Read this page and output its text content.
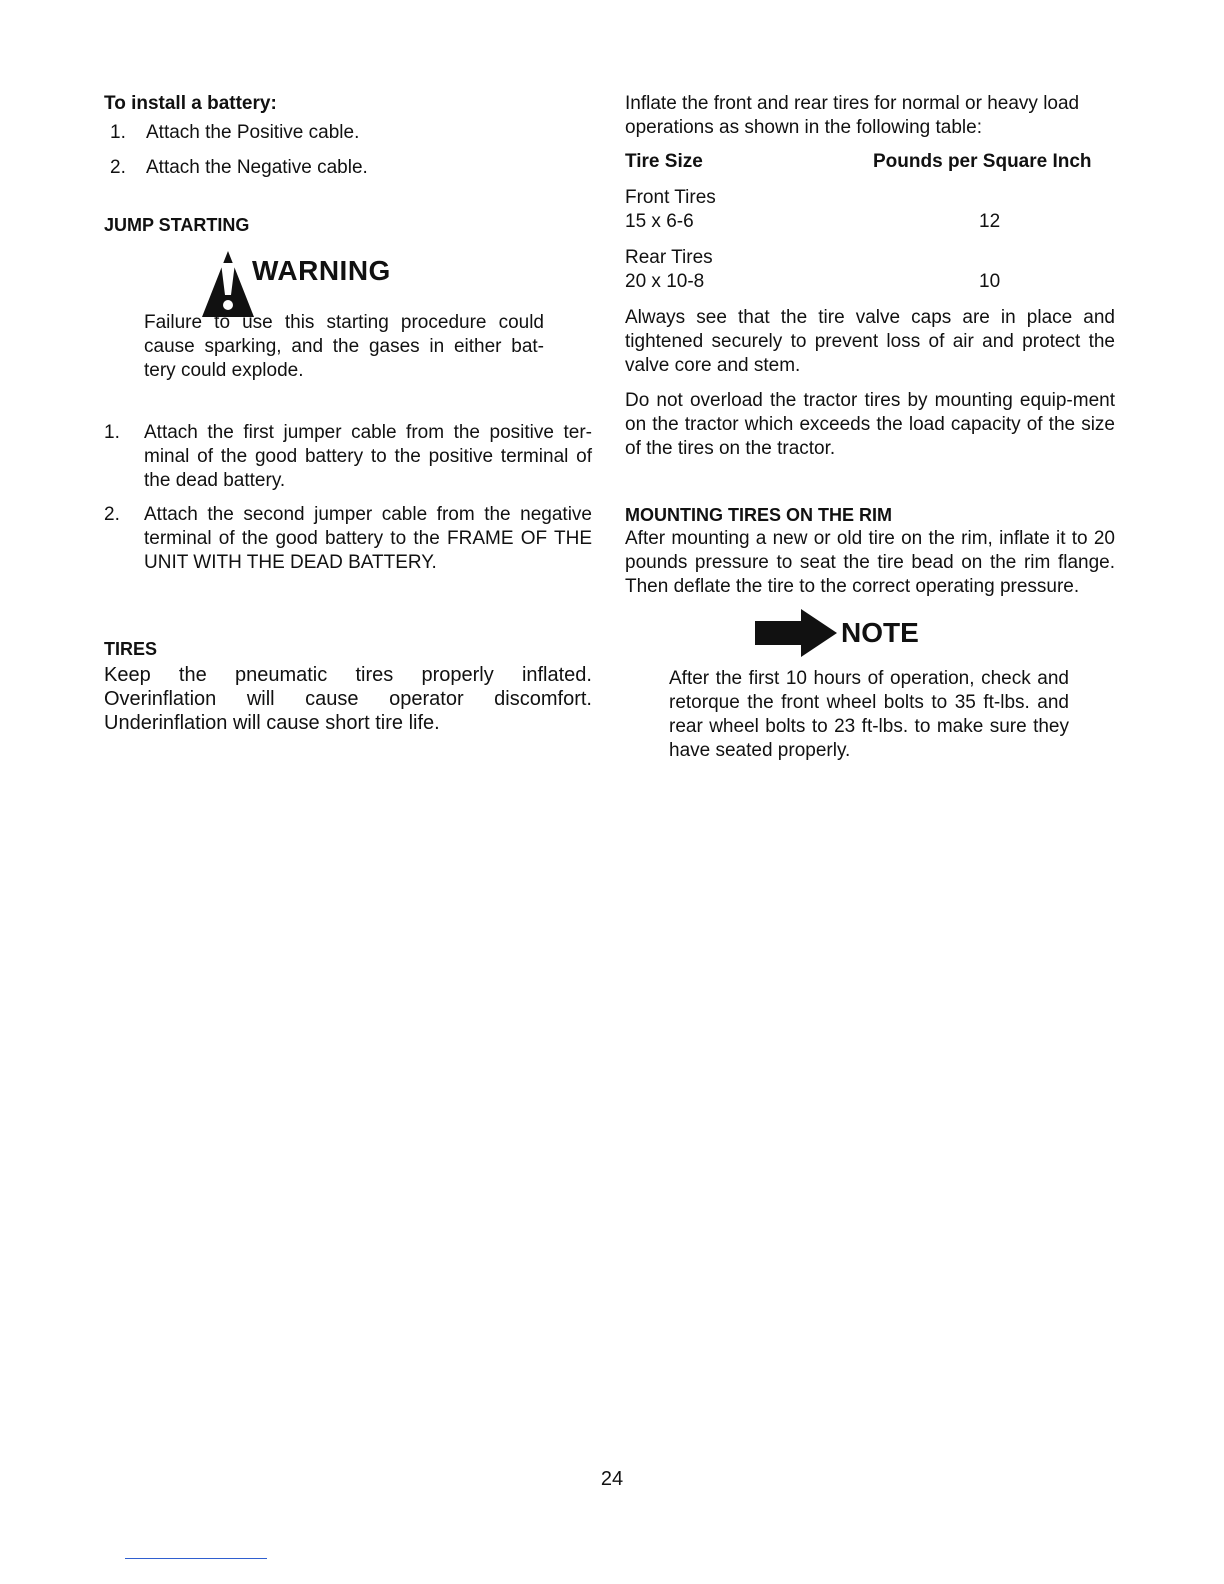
To install a battery:
1.	Attach the Positive cable.
2.	Attach the Negative cable.
JUMP STARTING
WARNING

Failure to use this starting procedure could cause sparking, and the gases in either bat-tery could explode.

1.	Attach the first jumper cable from the positive ter-minal of the good battery to the positive terminal of the dead battery.
2.	Attach the second jumper cable from the negative terminal of the good battery to the FRAME OF THE UNIT WITH THE DEAD BATTERY.
TIRES

Keep the pneumatic tires properly inflated. Overinflation will cause operator discomfort. Underinflation will cause short tire life.

Inflate the front and rear tires for normal or heavy load operations as shown in the following table:

Tire Size	Pounds per Square Inch
Front Tires
15 x 6-6	12
Rear Tires
20 x 10-8	10

Always see that the tire valve caps are in place and tightened securely to prevent loss of air and protect the valve core and stem.

Do not overload the tractor tires by mounting equip-ment on the tractor which exceeds the load capacity of the size of the tires on the tractor.

MOUNTING TIRES ON THE RIM

After mounting a new or old tire on the rim, inflate it to 20 pounds pressure to seat the tire bead on the rim flange. Then deflate the tire to the correct operating pressure.

NOTE

After the first 10 hours of operation, check and retorque the front wheel bolts to 35 ft-lbs. and rear wheel bolts to 23 ft-lbs. to make sure they have seated properly.

24
